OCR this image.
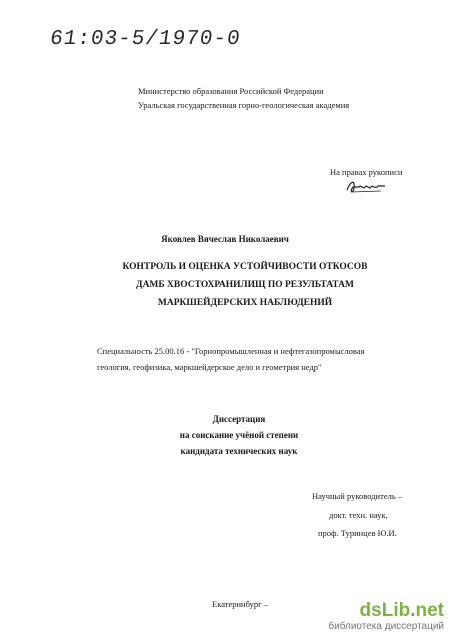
61:03-5/1970-0
Министерство образования Российской Федерации
Уральская государственная горно-геологическая академия
На правах рукописи
Яковлев Вячеслав Николаевич
КОНТРОЛЬ И ОЦЕНКА УСТОЙЧИВОСТИ ОТКОСОВ
ДАМБ ХВОСТОХРАНИЛИЩ ПО РЕЗУЛЬТАТАМ
МАРКШЕЙДЕРСКИХ НАБЛЮДЕНИЙ
Специальность 25.00.16 - "Горнопромышленная и нефтегазопромысловая
геология, геофизика, маркшейдерское дело и геометрия недр"
Диссертация
на соискание учёной степени
кандидата технических наук
Научный руководитель –
докт. техн. наук,
проф. Туринцев Ю.И.
Екатеринбург –	dsLib.net
библиотека диссертаций
